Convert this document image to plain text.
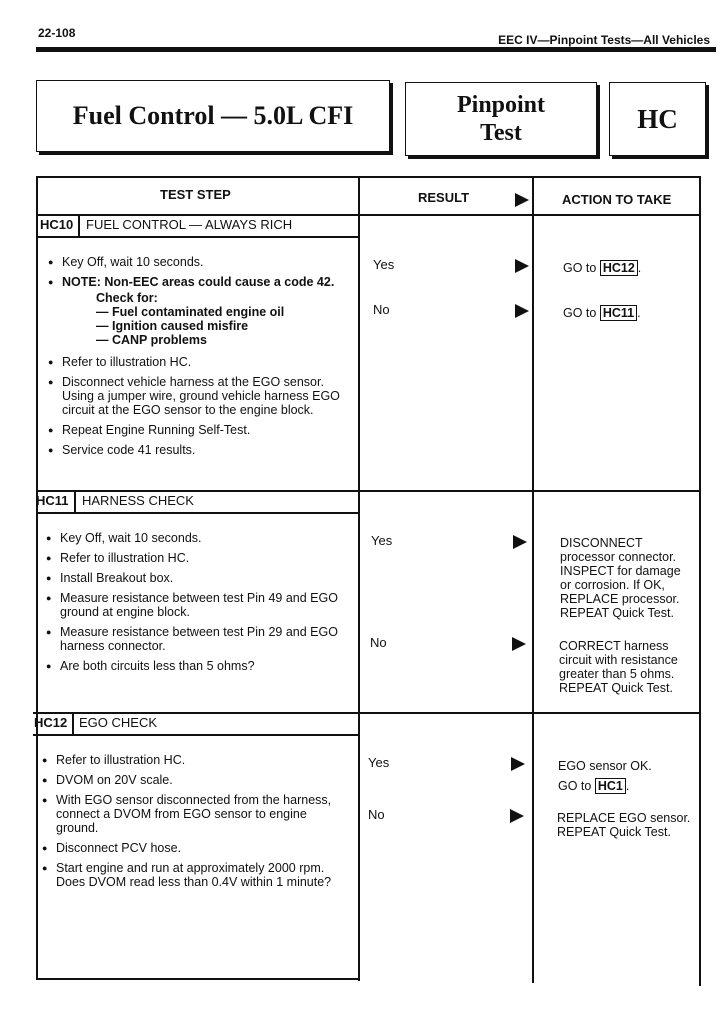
22-108	EEC IV—Pinpoint Tests—All Vehicles
Fuel Control — 5.0L CFI	Pinpoint
Test	HC
TEST STEP	RESULT	ACTION TO TAKE
HC10 FUEL CONTROL — ALWAYS RICH
● Key Off, wait 10 seconds.
● NOTE: Non-EEC areas could cause a code 42.
Check for:
— Fuel contaminated engine oil
— Ignition caused misfire
— CANP problems
● Refer to illustration HC.
● Disconnect vehicle harness at the EGO sensor. Using a jumper wire, ground vehicle harness EGO circuit at the EGO sensor to the engine block.
● Repeat Engine Running Self-Test.
● Service code 41 results.
Yes	GO to HC12 .
No	GO to HC11 .
HC11 HARNESS CHECK
● Key Off, wait 10 seconds.
● Refer to illustration HC.
● Install Breakout box.
● Measure resistance between test Pin 49 and EGO ground at engine block.
● Measure resistance between test Pin 29 and EGO harness connector.
● Are both circuits less than 5 ohms?
Yes	DISCONNECT processor connector. INSPECT for damage or corrosion. If OK, REPLACE processor. REPEAT Quick Test.
No	CORRECT harness circuit with resistance greater than 5 ohms. REPEAT Quick Test.
HC12 EGO CHECK
● Refer to illustration HC.
● DVOM on 20V scale.
● With EGO sensor disconnected from the harness, connect a DVOM from EGO sensor to engine ground.
● Disconnect PCV hose.
● Start engine and run at approximately 2000 rpm. Does DVOM read less than 0.4V within 1 minute?
Yes	EGO sensor OK.
GO to HC1 .
No	REPLACE EGO sensor. REPEAT Quick Test.
